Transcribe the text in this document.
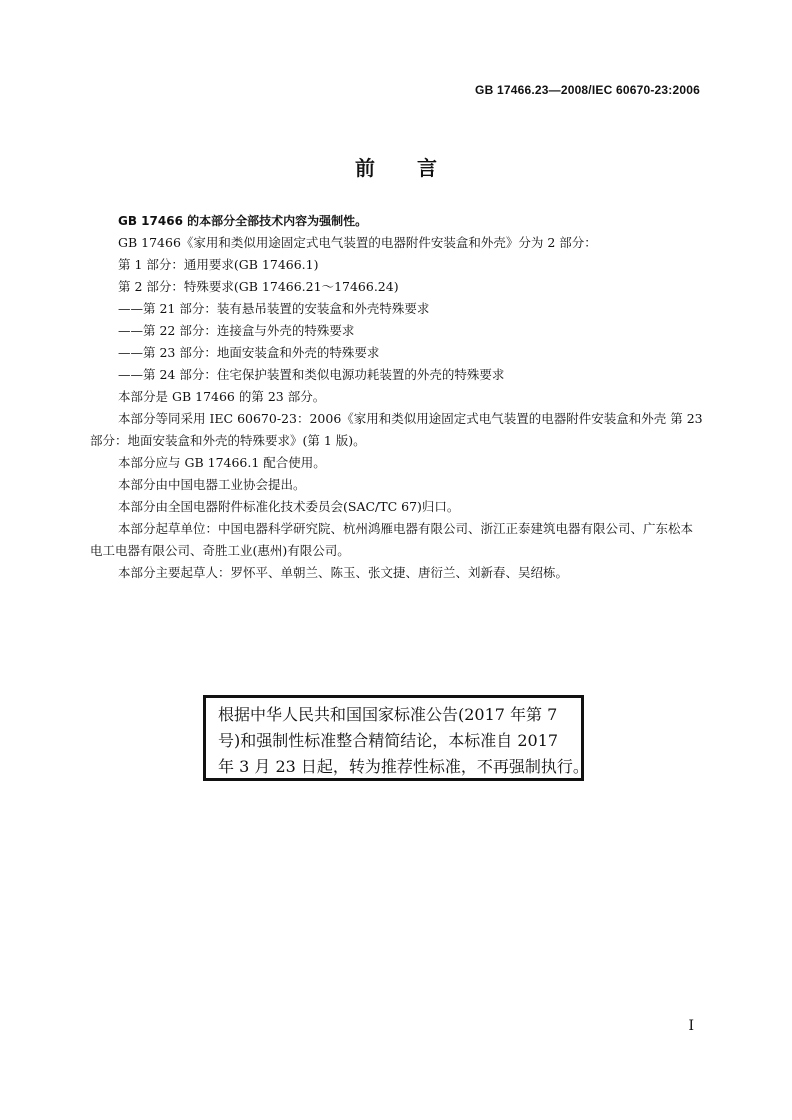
GB 17466.23—2008/IEC 60670-23:2006
前言

GB 17466 的本部分全部技术内容为强制性。

GB 17466《家用和类似用途固定式电气装置的电器附件安装盒和外壳》分为 2 部分：

第 1 部分：通用要求(GB 17466.1)

第 2 部分：特殊要求(GB 17466.21～17466.24)

——第 21 部分：装有悬吊装置的安装盒和外壳特殊要求

——第 22 部分：连接盒与外壳的特殊要求

——第 23 部分：地面安装盒和外壳的特殊要求

——第 24 部分：住宅保护装置和类似电源功耗装置的外壳的特殊要求

本部分是 GB 17466 的第 23 部分。

本部分等同采用 IEC 60670-23：2006《家用和类似用途固定式电气装置的电器附件安装盒和外壳 第 23 部分：地面安装盒和外壳的特殊要求》(第 1 版)。

本部分应与 GB 17466.1 配合使用。

本部分由中国电器工业协会提出。

本部分由全国电器附件标准化技术委员会(SAC/TC 67)归口。

本部分起草单位：中国电器科学研究院、杭州鸿雁电器有限公司、浙江正泰建筑电器有限公司、广东松本电工电器有限公司、奇胜工业(惠州)有限公司。

本部分主要起草人：罗怀平、单朝兰、陈玉、张文捷、唐衍兰、刘新春、吴绍栋。

根据中华人民共和国国家标准公告(2017 年第 7

号)和强制性标准整合精简结论，本标准自 2017

年 3 月 23 日起，转为推荐性标准，不再强制执行。

I
